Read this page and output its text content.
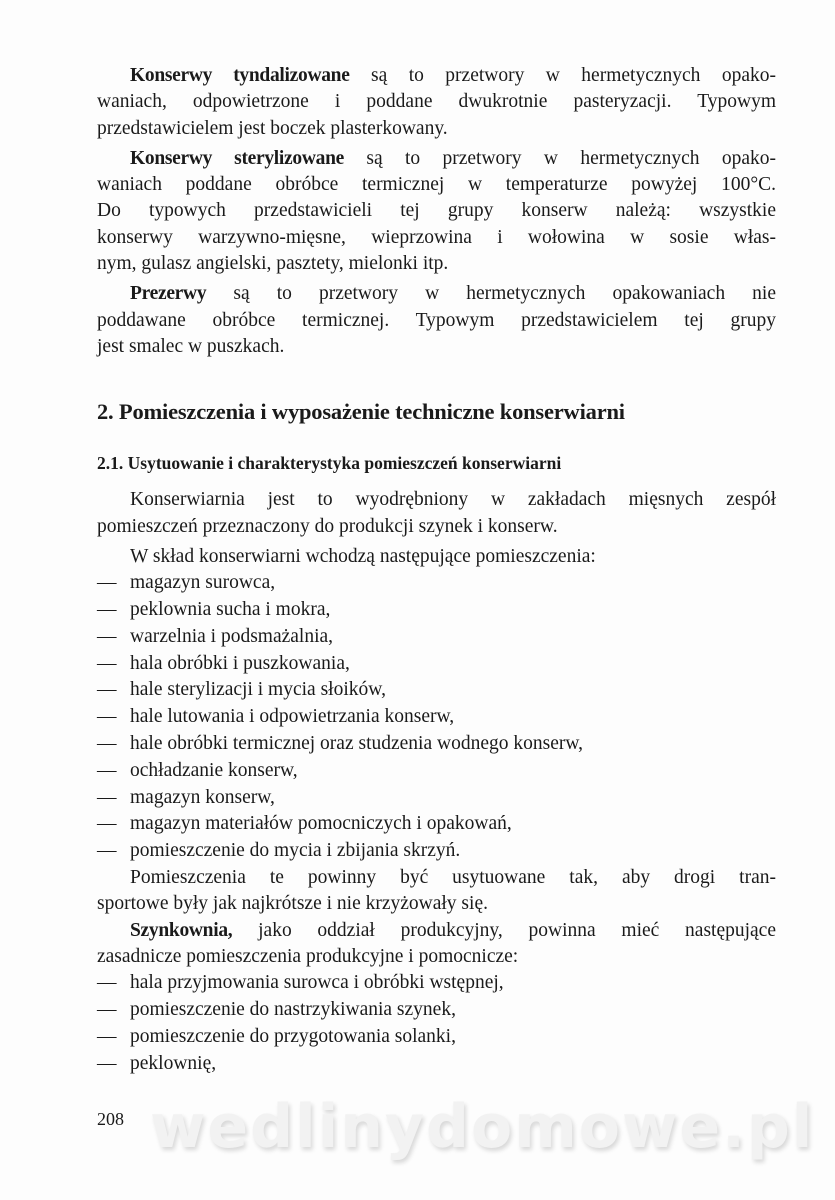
Konserwy tyndalizowane są to przetwory w hermetycznych opako-
waniach, odpowietrzone i poddane dwukrotnie pasteryzacji. Typowym
przedstawicielem jest boczek plasterkowany.
Konserwy sterylizowane są to przetwory w hermetycznych opako-
waniach poddane obróbce termicznej w temperaturze powyżej 100°C.
Do typowych przedstawicieli tej grupy konserw należą: wszystkie
konserwy warzywno-mięsne, wieprzowina i wołowina w sosie włas-
nym, gulasz angielski, pasztety, mielonki itp.
Prezerwy są to przetwory w hermetycznych opakowaniach nie
poddawane obróbce termicznej. Typowym przedstawicielem tej grupy
jest smalec w puszkach.
2. Pomieszczenia i wyposażenie techniczne konserwiarni
2.1. Usytuowanie i charakterystyka pomieszczeń konserwiarni
Konserwiarnia jest to wyodrębniony w zakładach mięsnych zespół
pomieszczeń przeznaczony do produkcji szynek i konserw.
W skład konserwiarni wchodzą następujące pomieszczenia:
— magazyn surowca,
— peklownia sucha i mokra,
— warzelnia i podsmażalnia,
— hala obróbki i puszkowania,
— hale sterylizacji i mycia słoików,
— hale lutowania i odpowietrzania konserw,
— hale obróbki termicznej oraz studzenia wodnego konserw,
— ochładzanie konserw,
— magazyn konserw,
— magazyn materiałów pomocniczych i opakowań,
— pomieszczenie do mycia i zbijania skrzyń.
Pomieszczenia te powinny być usytuowane tak, aby drogi tran-
sportowe były jak najkrótsze i nie krzyżowały się.
Szynkownia, jako oddział produkcyjny, powinna mieć następujące
zasadnicze pomieszczenia produkcyjne i pomocnicze:
— hala przyjmowania surowca i obróbki wstępnej,
— pomieszczenie do nastrzykiwania szynek,
— pomieszczenie do przygotowania solanki,
— peklownię,
208 wedlinydomowe.pl
